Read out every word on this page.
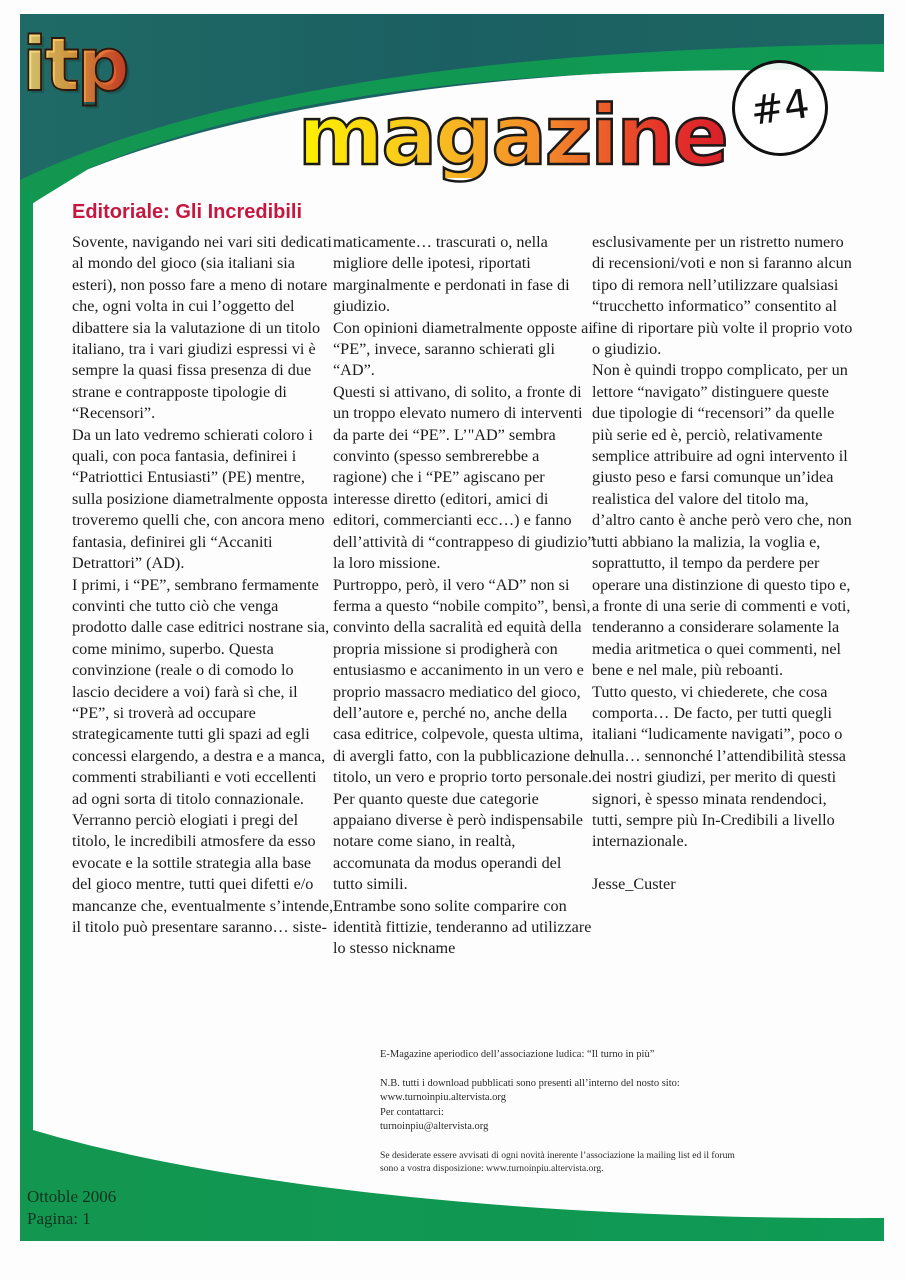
itp
magazine #4
Editoriale: Gli Incredibili

Sovente, navigando nei vari siti dedicati al mondo del gioco (sia italiani sia esteri), non posso fare a meno di notare che, ogni volta in cui l’oggetto del dibattere sia la valutazione di un titolo italiano, tra i vari giudizi espressi vi è sempre la quasi fissa presenza di due strane e contrapposte tipologie di “Recensori”.

Da un lato vedremo schierati coloro i quali, con poca fantasia, definirei i “Patriottici Entusiasti” (PE) mentre, sulla posizione diametralmente opposta troveremo quelli che, con ancora meno fantasia, definirei gli “Accaniti Detrattori” (AD).

I primi, i “PE”, sembrano fermamente convinti che tutto ciò che venga prodotto dalle case editrici nostrane sia, come minimo, superbo. Questa convinzione (reale o di comodo lo lascio decidere a voi) farà sì che, il “PE”, si troverà ad occupare strategicamente tutti gli spazi ad egli concessi elargendo, a destra e a manca, commenti strabilianti e voti eccellenti ad ogni sorta di titolo connazionale. Verranno perciò elogiati i pregi del titolo, le incredibili atmosfere da esso evocate e la sottile strategia alla base del gioco mentre, tutti quei difetti e/o mancanze che, eventualmente s’intende, il titolo può presentare saranno… siste-

maticamente… trascurati o, nella migliore delle ipotesi, riportati marginalmente e perdonati in fase di giudizio.

Con opinioni diametralmente opposte ai “PE”, invece, saranno schierati gli “AD”.

Questi si attivano, di solito, a fronte di un troppo elevato numero di interventi da parte dei “PE”. L’"AD” sembra convinto (spesso sembrerebbe a ragione) che i “PE” agiscano per interesse diretto (editori, amici di editori, commercianti ecc…) e fanno dell’attività di “contrappeso di giudizio” la loro missione.

Purtroppo, però, il vero “AD” non si ferma a questo “nobile compito”, bensì, convinto della sacralità ed equità della propria missione si prodigherà con entusiasmo e accanimento in un vero e proprio massacro mediatico del gioco, dell’autore e, perché no, anche della casa editrice, colpevole, questa ultima, di avergli fatto, con la pubblicazione del titolo, un vero e proprio torto personale.

Per quanto queste due categorie appaiano diverse è però indispensabile notare come siano, in realtà, accomunata da modus operandi del tutto simili.

Entrambe sono solite comparire con identità fittizie, tenderanno ad utilizzare lo stesso nickname

esclusivamente per un ristretto numero di recensioni/voti e non si faranno alcun tipo di remora nell’utilizzare qualsiasi “trucchetto informatico” consentito al fine di riportare più volte il proprio voto o giudizio.

Non è quindi troppo complicato, per un lettore “navigato” distinguere queste due tipologie di “recensori” da quelle più serie ed è, perciò, relativamente semplice attribuire ad ogni intervento il giusto peso e farsi comunque un’idea realistica del valore del titolo ma, d’altro canto è anche però vero che, non tutti abbiano la malizia, la voglia e, soprattutto, il tempo da perdere per operare una distinzione di questo tipo e, a fronte di una serie di commenti e voti, tenderanno a considerare solamente la media aritmetica o quei commenti, nel bene e nel male, più reboanti.

Tutto questo, vi chiederete, che cosa comporta… De facto, per tutti quegli italiani “ludicamente navigati”, poco o nulla… sennonché l’attendibilità stessa dei nostri giudizi, per merito di questi signori, è spesso minata rendendoci, tutti, sempre più In-Credibili a livello internazionale.

Jesse_Custer

E-Magazine aperiodico dell’associazione ludica: “Il turno in più”

N.B. tutti i download pubblicati sono presenti all’interno del nosto sito:

www.turnoinpiu.altervista.org

Per contattarci:

turnoinpiu@altervista.org

Se desiderate essere avvisati di ogni novità inerente l’associazione la mailing list ed il forum

sono a vostra disposizione: www.turnoinpiu.altervista.org.

Ottoble 2006
Pagina: 1
